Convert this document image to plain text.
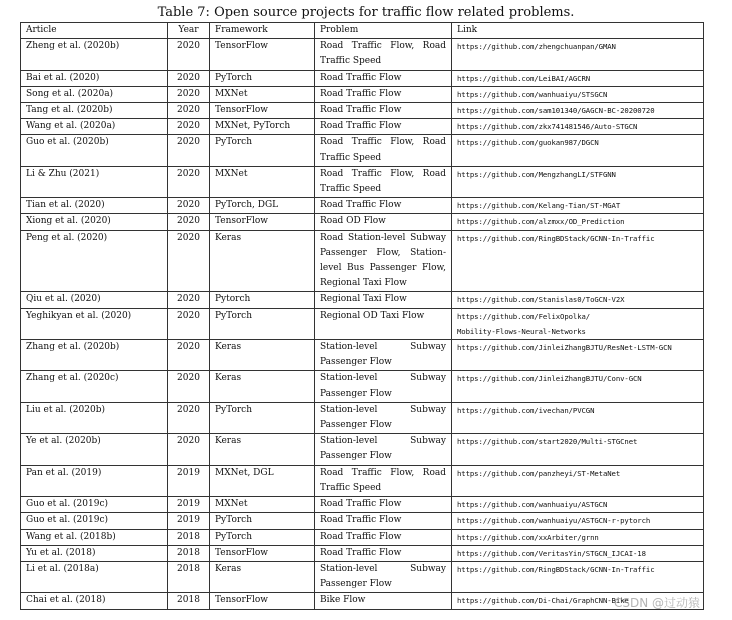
Table 7: Open source projects for traffic flow related problems.
Article	Year	Framework	Problem	Link
Zheng et al. (2020b)	2020	TensorFlow	Road Traffic Flow, Road Traffic Speed	https://github.com/zhengchuanpan/GMAN
Bai et al. (2020)	2020	PyTorch	Road Traffic Flow	https://github.com/LeiBAI/AGCRN
Song et al. (2020a)	2020	MXNet	Road Traffic Flow	https://github.com/wanhuaiyu/STSGCN
Tang et al. (2020b)	2020	TensorFlow	Road Traffic Flow	https://github.com/sam101340/GAGCN-BC-20200720
Wang et al. (2020a)	2020	MXNet, PyTorch	Road Traffic Flow	https://github.com/zkx741481546/Auto-STGCN
Guo et al. (2020b)	2020	PyTorch	Road Traffic Flow, Road Traffic Speed	https://github.com/guokan987/DGCN
Li & Zhu (2021)	2020	MXNet	Road Traffic Flow, Road Traffic Speed	https://github.com/MengzhangLI/STFGNN
Tian et al. (2020)	2020	PyTorch, DGL	Road Traffic Flow	https://github.com/Kelang-Tian/ST-MGAT
Xiong et al. (2020)	2020	TensorFlow	Road OD Flow	https://github.com/alzmxx/OD_Prediction
Peng et al. (2020)	2020	Keras	Road Station-level Subway Passenger Flow, Station-level Bus Passenger Flow, Regional Taxi Flow	https://github.com/RingBDStack/GCNN-In-Traffic
Qiu et al. (2020)	2020	Pytorch	Regional Taxi Flow	https://github.com/Stanislas0/ToGCN-V2X
Yeghikyan et al. (2020)	2020	PyTorch	Regional OD Taxi Flow	https://github.com/FelixOpolka/
Mobility-Flows-Neural-Networks
Zhang et al. (2020b)	2020	Keras	Station-level Subway Passenger Flow	https://github.com/JinleiZhangBJTU/ResNet-LSTM-GCN
Zhang et al. (2020c)	2020	Keras	Station-level Subway Passenger Flow	https://github.com/JinleiZhangBJTU/Conv-GCN
Liu et al. (2020b)	2020	PyTorch	Station-level Subway Passenger Flow	https://github.com/ivechan/PVCGN
Ye et al. (2020b)	2020	Keras	Station-level Subway Passenger Flow	https://github.com/start2020/Multi-STGCnet
Pan et al. (2019)	2019	MXNet, DGL	Road Traffic Flow, Road Traffic Speed	https://github.com/panzheyi/ST-MetaNet
Guo et al. (2019c)	2019	MXNet	Road Traffic Flow	https://github.com/wanhuaiyu/ASTGCN
Guo et al. (2019c)	2019	PyTorch	Road Traffic Flow	https://github.com/wanhuaiyu/ASTGCN-r-pytorch
Wang et al. (2018b)	2018	PyTorch	Road Traffic Flow	https://github.com/xxArbiter/grnn
Yu et al. (2018)	2018	TensorFlow	Road Traffic Flow	https://github.com/VeritasYin/STGCN_IJCAI-18
Li et al. (2018a)	2018	Keras	Station-level Subway Passenger Flow	https://github.com/RingBDStack/GCNN-In-Traffic
Chai et al. (2018)	2018	TensorFlow	Bike Flow	https://github.com/Di-Chai/GraphCNN-Bike
CSDN @过动猿
